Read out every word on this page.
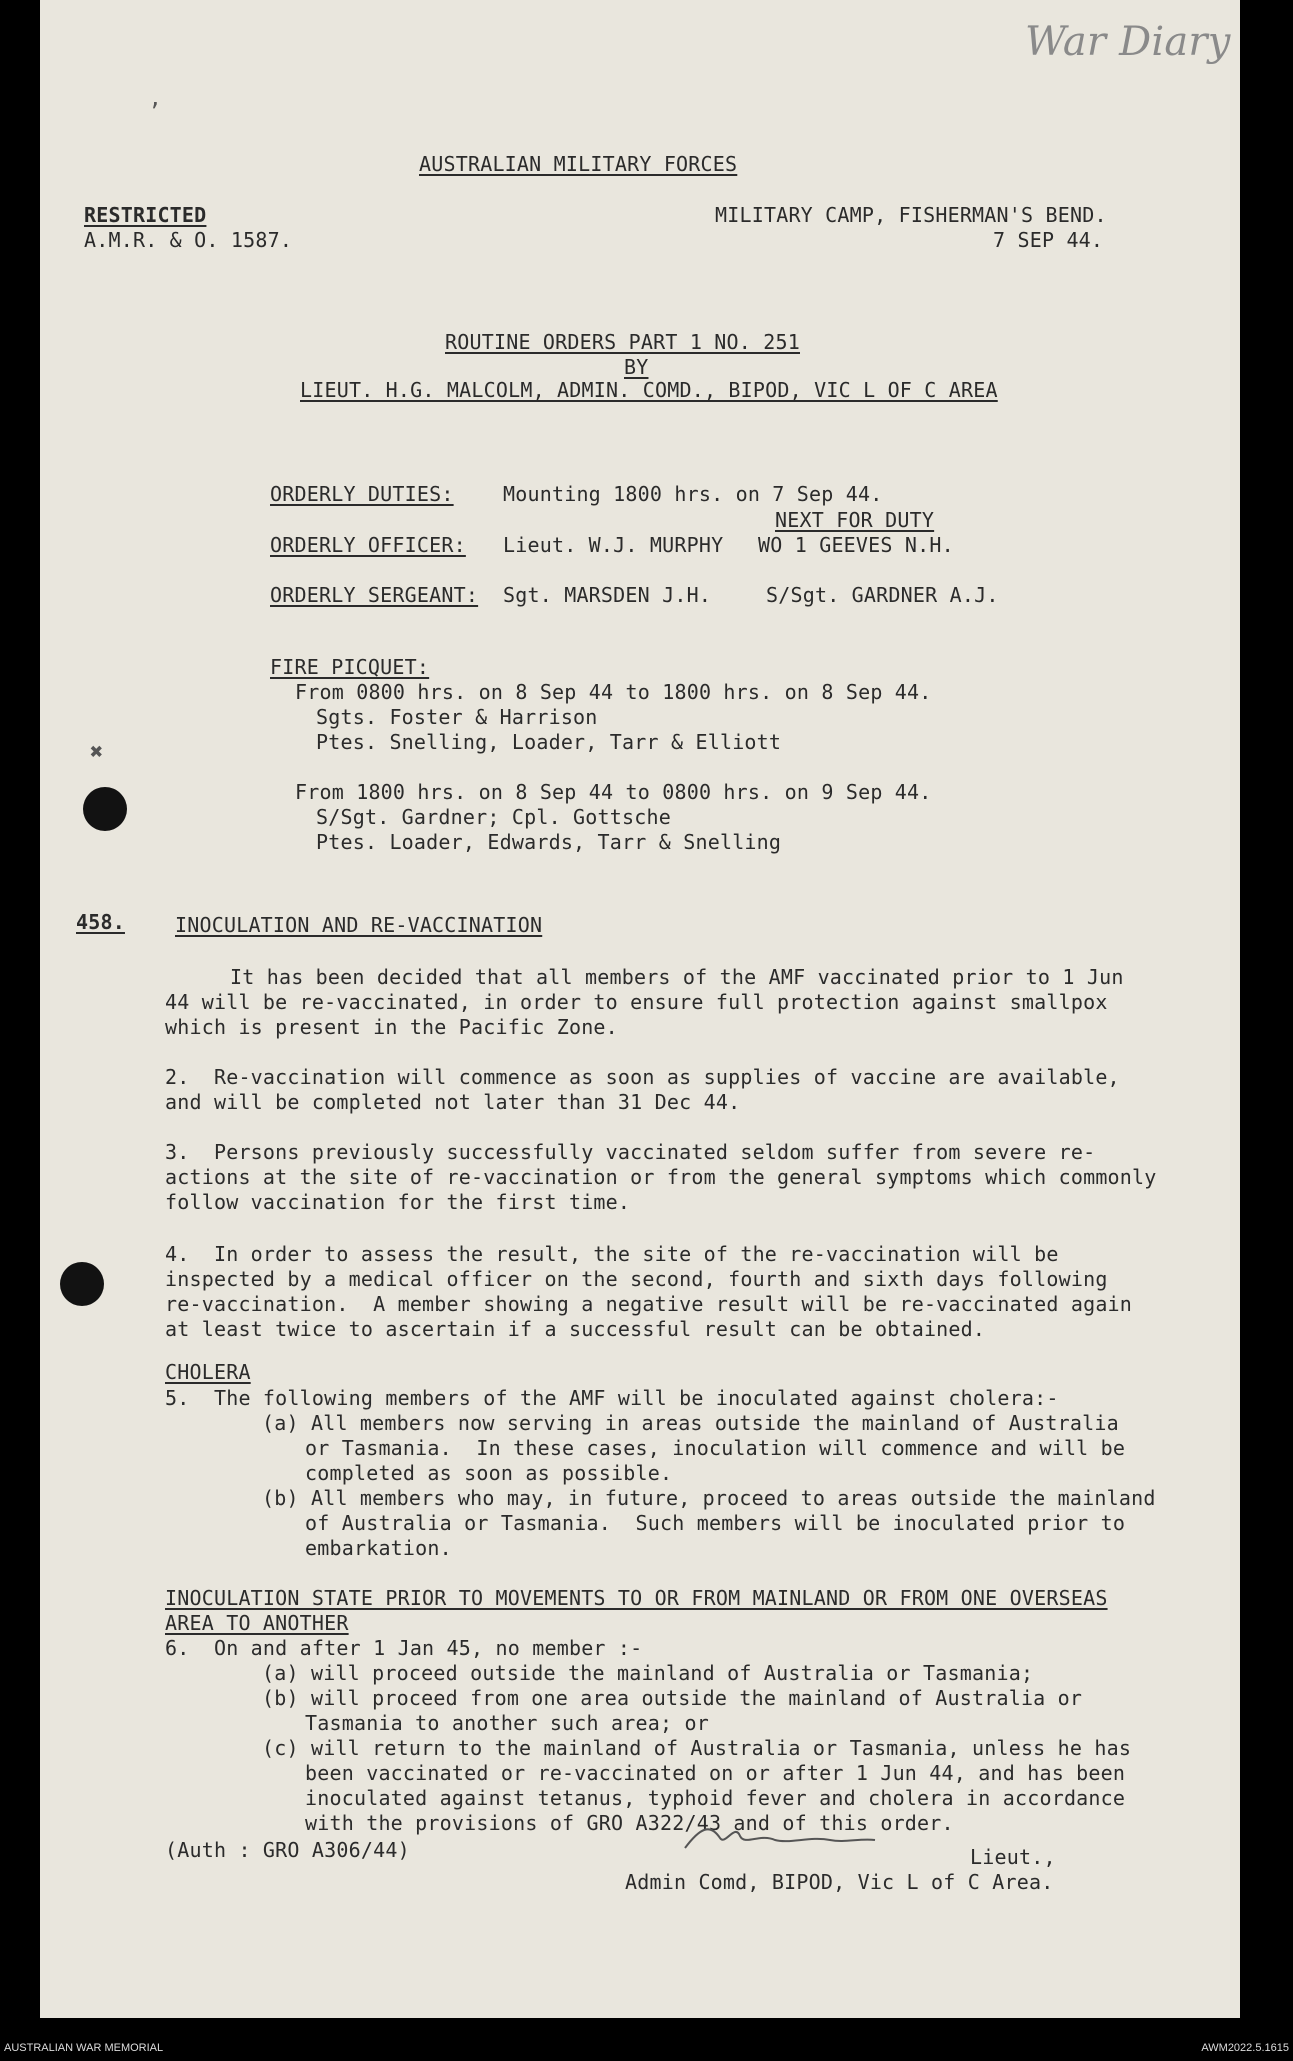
War Diary
’
✖
AUSTRALIAN MILITARY FORCES
RESTRICTED
A.M.R. & O. 1587.
MILITARY CAMP, FISHERMAN'S BEND.
7 SEP 44.
ROUTINE ORDERS PART 1 NO. 251
BY
LIEUT. H.G. MALCOLM, ADMIN. COMD., BIPOD, VIC L OF C AREA
ORDERLY DUTIES: Mounting 1800 hrs. on 7 Sep 44.
NEXT FOR DUTY
ORDERLY OFFICER: Lieut. W.J. MURPHY WO 1 GEEVES N.H.
ORDERLY SERGEANT: Sgt. MARSDEN J.H.	S/Sgt. GARDNER A.J.
FIRE PICQUET:
From 0800 hrs. on 8 Sep 44 to 1800 hrs. on 8 Sep 44.
Sgts. Foster & Harrison
Ptes. Snelling, Loader, Tarr & Elliott
From 1800 hrs. on 8 Sep 44 to 0800 hrs. on 9 Sep 44.
S/Sgt. Gardner; Cpl. Gottsche
Ptes. Loader, Edwards, Tarr & Snelling
458.	INOCULATION AND RE-VACCINATION
It has been decided that all members of the AMF vaccinated prior to 1 Jun
44 will be re-vaccinated, in order to ensure full protection against smallpox
which is present in the Pacific Zone.
2.  Re-vaccination will commence as soon as supplies of vaccine are available,
and will be completed not later than 31 Dec 44.
3.  Persons previously successfully vaccinated seldom suffer from severe re-
actions at the site of re-vaccination or from the general symptoms which commonly
follow vaccination for the first time.
4.  In order to assess the result, the site of the re-vaccination will be
inspected by a medical officer on the second, fourth and sixth days following
re-vaccination.  A member showing a negative result will be re-vaccinated again
at least twice to ascertain if a successful result can be obtained.
CHOLERA
5.  The following members of the AMF will be inoculated against cholera:-
(a) All members now serving in areas outside the mainland of Australia
or Tasmania.  In these cases, inoculation will commence and will be
completed as soon as possible.
(b) All members who may, in future, proceed to areas outside the mainland
of Australia or Tasmania.  Such members will be inoculated prior to
embarkation.
INOCULATION STATE PRIOR TO MOVEMENTS TO OR FROM MAINLAND OR FROM ONE OVERSEAS
AREA TO ANOTHER
6.  On and after 1 Jan 45, no member :-
(a) will proceed outside the mainland of Australia or Tasmania;
(b) will proceed from one area outside the mainland of Australia or
Tasmania to another such area; or
(c) will return to the mainland of Australia or Tasmania, unless he has
been vaccinated or re-vaccinated on or after 1 Jun 44, and has been
inoculated against tetanus, typhoid fever and cholera in accordance
with the provisions of GRO A322/43 and of this order.
(Auth : GRO A306/44)	Lieut.,
Admin Comd, BIPOD, Vic L of C Area.
AUSTRALIAN WAR MEMORIAL	AWM2022.5.1615
